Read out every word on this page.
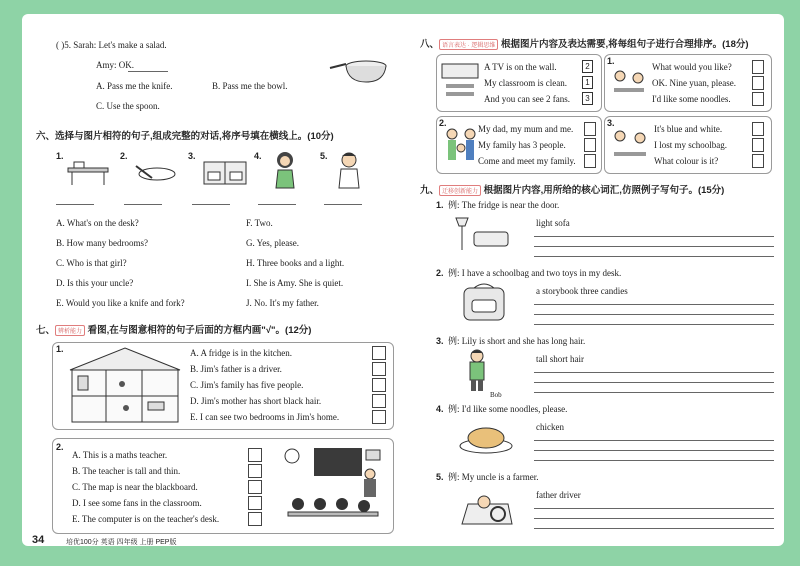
( )5. Sarah: Let's make a salad.
Amy: OK.
A. Pass me the knife.	B. Pass me the bowl.
C. Use the spoon.
六、选择与图片相符的句子,组成完整的对话,将序号填在横线上。(10分)
1.	2.	3.	4.	5.
A. What's on the desk?	F. Two.
B. How many bedrooms?	G. Yes, please.
C. Who is that girl?	H. Three books and a light.
D. Is this your uncle?	I. She is Amy. She is quiet.
E. Would you like a knife and fork?	J. No. It's my father.
七、 辨析能力 看图,在与图意相符的句子后面的方框内画"√"。(12分)
1.	A. A fridge is in the kitchen.
B. Jim's father is a driver.
C. Jim's family has five people.
D. Jim's mother has short black hair.
E. I can see two bedrooms in Jim's home.
2.
A. This is a maths teacher.
B. The teacher is tall and thin.
C. The map is near the blackboard.
D. I see some fans in the classroom.
E. The computer is on the teacher's desk.
34	培优100分 英语 四年级 上册 PEP版
八、 语言表达 · 逻辑思维 根据图片内容及表达需要,将每组句子进行合理排序。(18分)
A TV is on the wall.
My classroom is clean.
And you can see 2 fans.
2
1
3
1.
What would you like?
OK. Nine yuan, please.
I'd like some noodles.
2.
My dad, my mum and me.
My family has 3 people.
Come and meet my family.
3.
It's blue and white.
I lost my schoolbag.
What colour is it?
九、 迁移创新能力 根据图片内容,用所给的核心词汇,仿照例子写句子。(15分)
1. 例: The fridge is near the door.
light sofa
2. 例: I have a schoolbag and two toys in my desk.
a storybook three candies
3. 例: Lily is short and she has long hair.
Bob
tall short hair
4. 例: I'd like some noodles, please.
chicken
5. 例: My uncle is a farmer.
father driver
